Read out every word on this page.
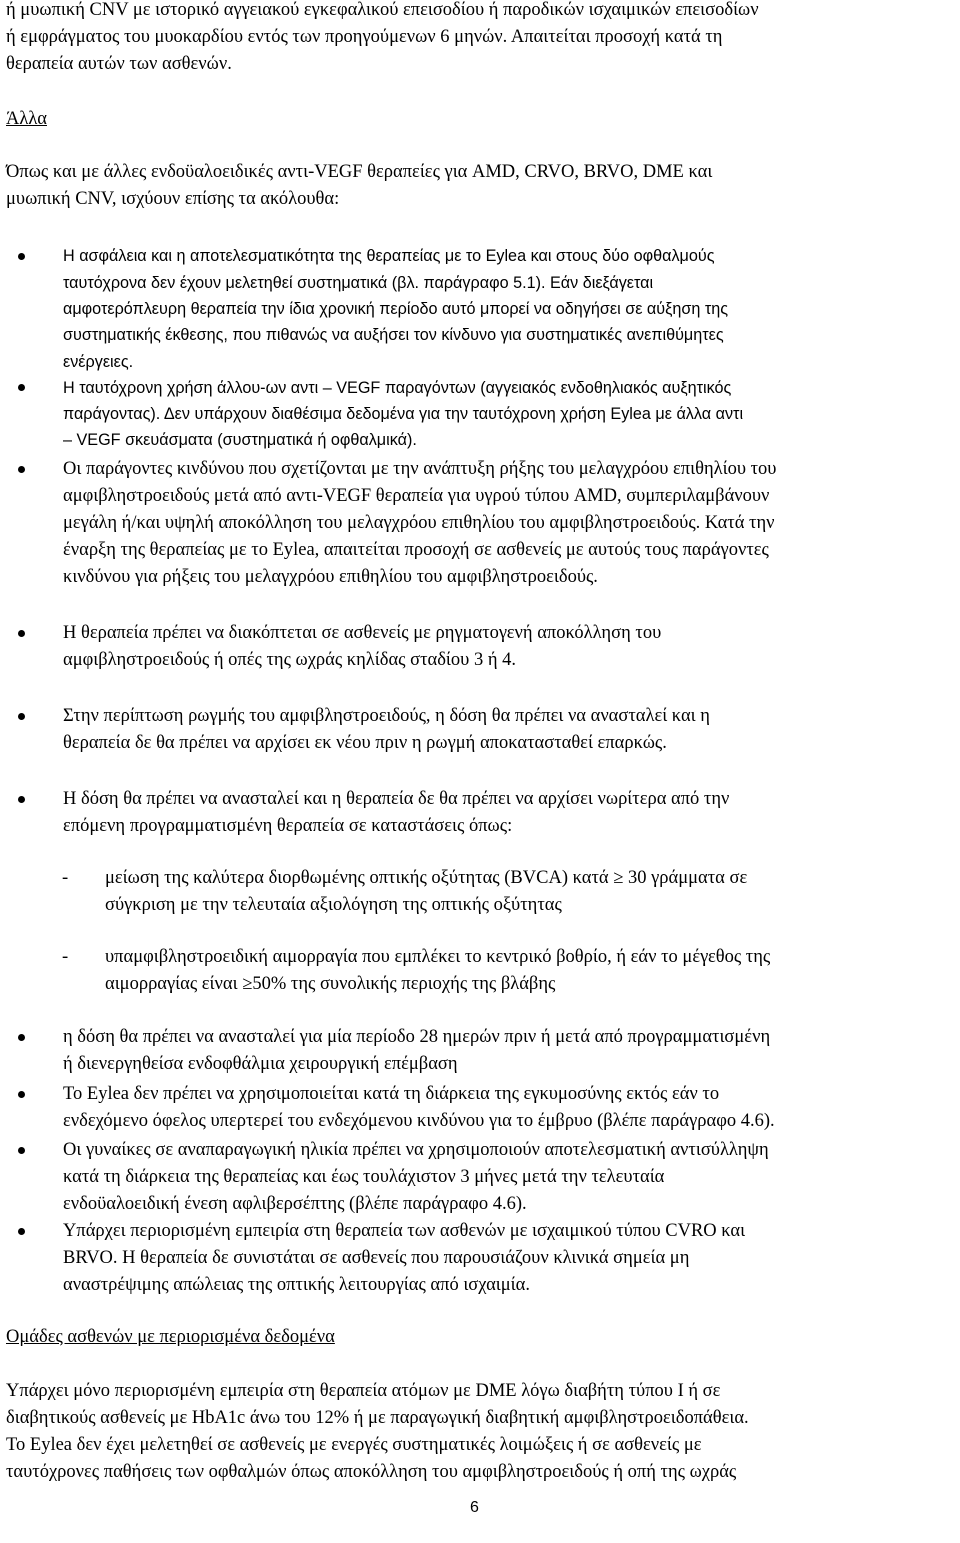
ή μυωπική CNV με ιστορικό αγγειακού εγκεφαλικού επεισοδίου ή παροδικών ισχαιμικών επεισοδίων
ή εμφράγματος του μυοκαρδίου εντός των προηγούμενων 6 μηνών. Απαιτείται προσοχή κατά τη
θεραπεία αυτών των ασθενών.
Άλλα
Όπως και με άλλες ενδοϋαλοειδικές αντι-VEGF θεραπείες για AMD, CRVO, BRVO, DME και
μυωπική CNV, ισχύουν επίσης τα ακόλουθα:
Η ασφάλεια και η αποτελεσματικότητα της θεραπείας με το Eylea και στους δύο οφθαλμούς
ταυτόχρονα δεν έχουν μελετηθεί συστηματικά (βλ. παράγραφο 5.1). Εάν διεξάγεται
αμφοτερόπλευρη θεραπεία την ίδια χρονική περίοδο αυτό μπορεί να οδηγήσει σε αύξηση της
συστηματικής έκθεσης, που πιθανώς να αυξήσει τον κίνδυνο για συστηματικές ανεπιθύμητες
ενέργειες.
Η ταυτόχρονη χρήση άλλου-ων αντι – VEGF παραγόντων (αγγειακός ενδοθηλιακός αυξητικός
παράγοντας). Δεν υπάρχουν διαθέσιμα δεδομένα για την ταυτόχρονη χρήση Eylea με άλλα αντι
– VEGF σκευάσματα (συστηματικά ή οφθαλμικά).
Οι παράγοντες κινδύνου που σχετίζονται με την ανάπτυξη ρήξης του μελαγχρόου επιθηλίου του
αμφιβληστροειδούς μετά από αντι-VEGF θεραπεία για υγρού τύπου AMD, συμπεριλαμβάνουν
μεγάλη ή/και υψηλή αποκόλληση του μελαγχρόου επιθηλίου του αμφιβληστροειδούς. Κατά την
έναρξη της θεραπείας με το Eylea, απαιτείται προσοχή σε ασθενείς με αυτούς τους παράγοντες
κινδύνου για ρήξεις του μελαγχρόου επιθηλίου του αμφιβληστροειδούς.
Η θεραπεία πρέπει να διακόπτεται σε ασθενείς με ρηγματογενή αποκόλληση του
αμφιβληστροειδούς ή οπές της ωχράς κηλίδας σταδίου 3 ή 4.
Στην περίπτωση ρωγμής του αμφιβληστροειδούς, η δόση θα πρέπει να ανασταλεί και η
θεραπεία δε θα πρέπει να αρχίσει εκ νέου πριν η ρωγμή αποκατασταθεί επαρκώς.
Η δόση θα πρέπει να ανασταλεί και η θεραπεία δε θα πρέπει να αρχίσει νωρίτερα από την
επόμενη προγραμματισμένη θεραπεία σε καταστάσεις όπως:
- μείωση της καλύτερα διορθωμένης οπτικής οξύτητας (BVCA) κατά ≥ 30 γράμματα σε
σύγκριση με την τελευταία αξιολόγηση της οπτικής οξύτητας
- υπαμφιβληστροειδική αιμορραγία που εμπλέκει το κεντρικό βοθρίο, ή εάν το μέγεθος της
αιμορραγίας είναι ≥50% της συνολικής περιοχής της βλάβης
η δόση θα πρέπει να ανασταλεί για μία περίοδο 28 ημερών πριν ή μετά από προγραμματισμένη
ή διενεργηθείσα ενδοφθάλμια χειρουργική επέμβαση
Το Eylea δεν πρέπει να χρησιμοποιείται κατά τη διάρκεια της εγκυμοσύνης εκτός εάν το
ενδεχόμενο όφελος υπερτερεί του ενδεχόμενου κινδύνου για το έμβρυο (βλέπε παράγραφο 4.6).
Οι γυναίκες σε αναπαραγωγική ηλικία πρέπει να χρησιμοποιούν αποτελεσματική αντισύλληψη
κατά τη διάρκεια της θεραπείας και έως τουλάχιστον 3 μήνες μετά την τελευταία
ενδοϋαλοειδική ένεση αφλιβερσέπτης (βλέπε παράγραφο 4.6).
Υπάρχει περιορισμένη εμπειρία στη θεραπεία των ασθενών με ισχαιμικού τύπου CVRO και
BRVO. Η θεραπεία δε συνιστάται σε ασθενείς που παρουσιάζουν κλινικά σημεία μη
αναστρέψιμης απώλειας της οπτικής λειτουργίας από ισχαιμία.
Ομάδες ασθενών με περιορισμένα δεδομένα
Υπάρχει μόνο περιορισμένη εμπειρία στη θεραπεία ατόμων με DME λόγω διαβήτη τύπου I ή σε
διαβητικούς ασθενείς με HbA1c άνω του 12% ή με παραγωγική διαβητική αμφιβληστροειδοπάθεια.
Το Eylea δεν έχει μελετηθεί σε ασθενείς με ενεργές συστηματικές λοιμώξεις ή σε ασθενείς με
ταυτόχρονες παθήσεις των οφθαλμών όπως αποκόλληση του αμφιβληστροειδούς ή οπή της ωχράς
6
